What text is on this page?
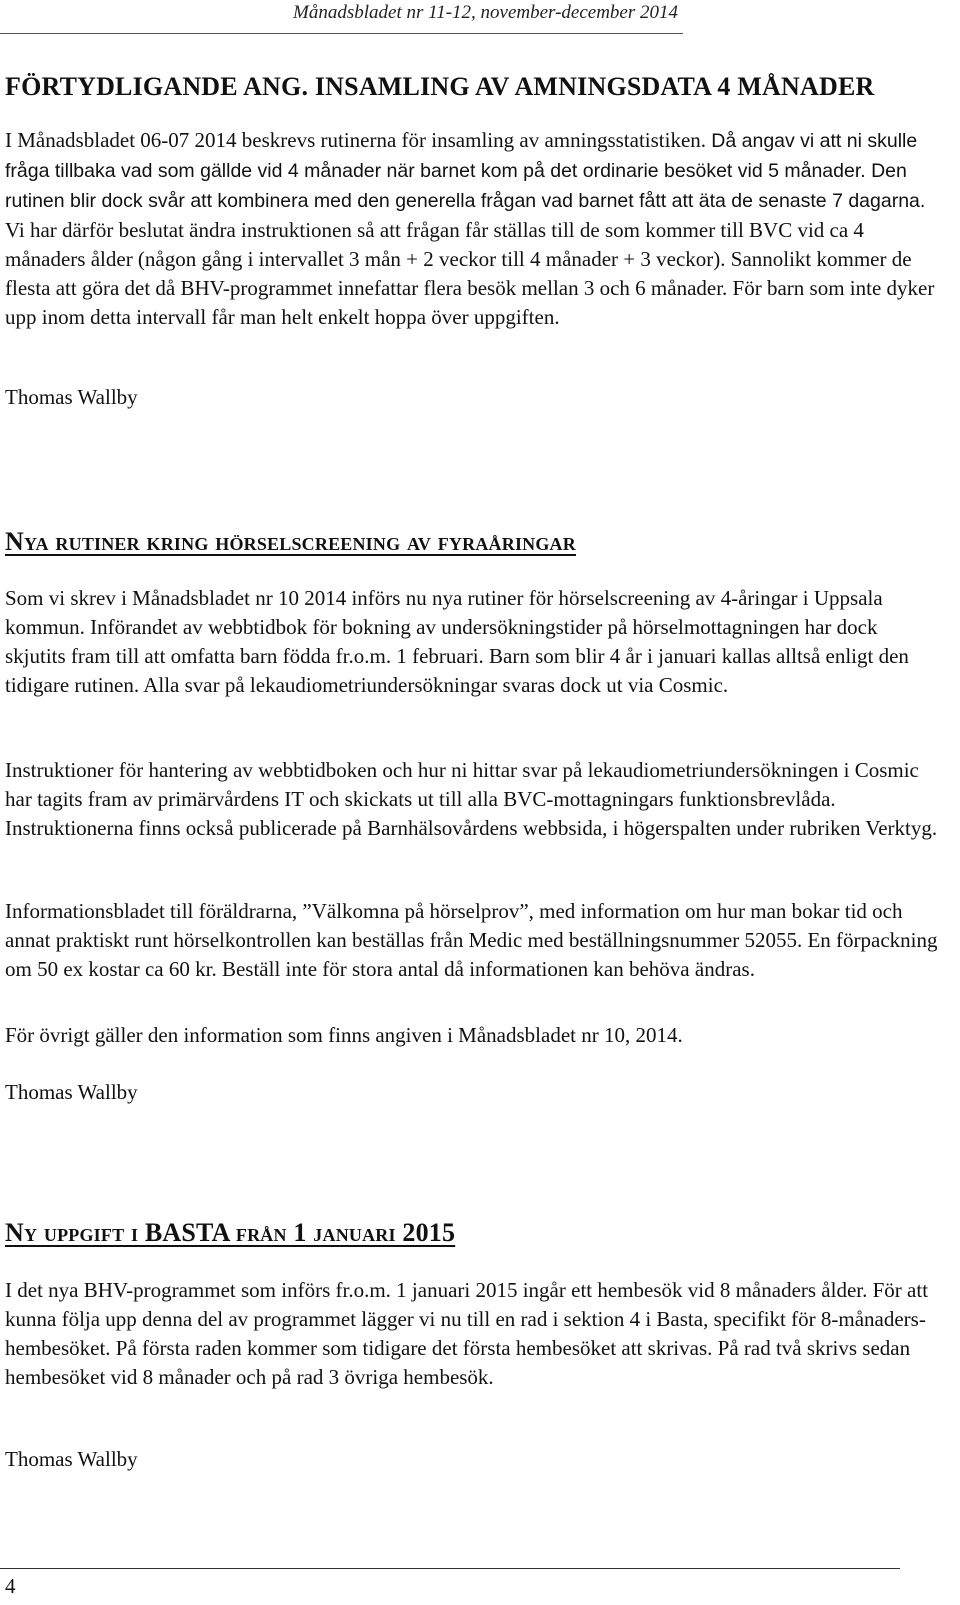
Månadsbladet nr 11-12, november-december 2014
FÖRTYDLIGANDE ANG. INSAMLING AV AMNINGSDATA 4 MÅNADER

I Månadsbladet 06-07 2014 beskrevs rutinerna för insamling av amningsstatistiken. Då angav vi att ni skulle fråga tillbaka vad som gällde vid 4 månader när barnet kom på det ordinarie besöket vid 5 månader. Den rutinen blir dock svår att kombinera med den generella frågan vad barnet fått att äta de senaste 7 dagarna. Vi har därför beslutat ändra instruktionen så att frågan får ställas till de som kommer till BVC vid ca 4 månaders ålder (någon gång i intervallet 3 mån + 2 veckor till 4 månader + 3 veckor). Sannolikt kommer de flesta att göra det då BHV-programmet innefattar flera besök mellan 3 och 6 månader. För barn som inte dyker upp inom detta intervall får man helt enkelt hoppa över uppgiften.

Thomas Wallby
Nya rutiner kring hörselscreening av fyraåringar

Som vi skrev i Månadsbladet nr 10 2014 införs nu nya rutiner för hörselscreening av 4-åringar i Uppsala kommun. Införandet av webbtidbok för bokning av undersökningstider på hörselmottagningen har dock skjutits fram till att omfatta barn födda fr.o.m. 1 februari. Barn som blir 4 år i januari kallas alltså enligt den tidigare rutinen. Alla svar på lekaudiometriundersökningar svaras dock ut via Cosmic.

Instruktioner för hantering av webbtidboken och hur ni hittar svar på lekaudiometriundersökningen i Cosmic har tagits fram av primärvårdens IT och skickats ut till alla BVC-mottagningars funktionsbrevlåda. Instruktionerna finns också publicerade på Barnhälsovårdens webbsida, i högerspalten under rubriken Verktyg.

Informationsbladet till föräldrarna, ”Välkomna på hörselprov”, med information om hur man bokar tid och annat praktiskt runt hörselkontrollen kan beställas från Medic med beställningsnummer 52055. En förpackning om 50 ex kostar ca 60 kr. Beställ inte för stora antal då informationen kan behöva ändras.

För övrigt gäller den information som finns angiven i Månadsbladet nr 10, 2014.

Thomas Wallby
Ny uppgift i BASTA från 1 januari 2015

I det nya BHV-programmet som införs fr.o.m. 1 januari 2015 ingår ett hembesök vid 8 månaders ålder. För att kunna följa upp denna del av programmet lägger vi nu till en rad i sektion 4 i Basta, specifikt för 8-månaders-hembesöket. På första raden kommer som tidigare det första hembesöket att skrivas. På rad två skrivs sedan hembesöket vid 8 månader och på rad 3 övriga hembesök.

Thomas Wallby
4
